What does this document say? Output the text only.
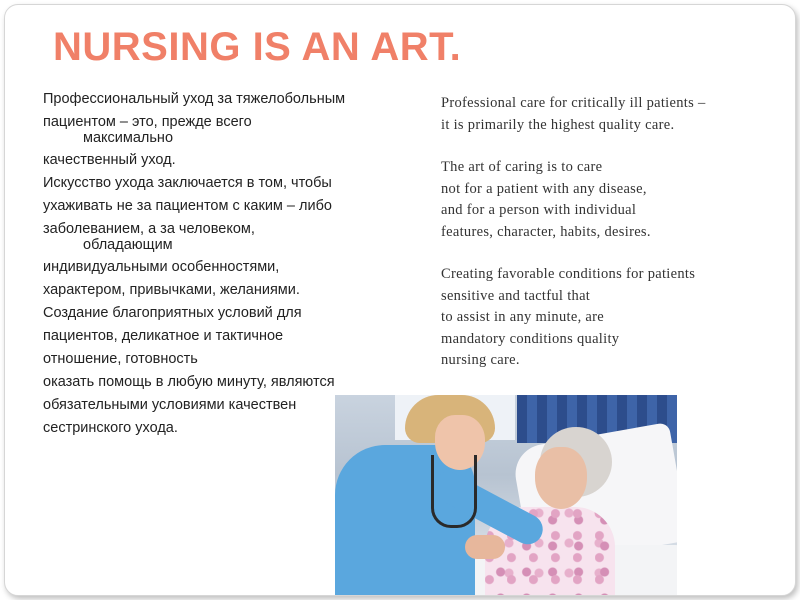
NURSING IS AN ART.
Профессиональный уход за тяжелобольным
пациентом – это, прежде всего
максимально
качественный уход.
Искусство ухода заключается в том, чтобы
ухаживать не за пациентом с каким – либо
заболеванием, а за человеком,
обладающим
индивидуальными особенностями,
характером, привычками, желаниями.
Создание благоприятных условий для
пациентов, деликатное и тактичное
отношение, готовность
оказать помощь в любую минуту, являются
обязательными условиями качествен
сестринского ухода.
Professional care for critically ill patients –
it is primarily the highest quality care.
The art of caring is to care
not for a patient with any disease,
and for a person with individual
features, character, habits, desires.
Creating favorable conditions for patients
sensitive and tactful that
to assist in any minute, are
mandatory conditions quality
nursing care.
